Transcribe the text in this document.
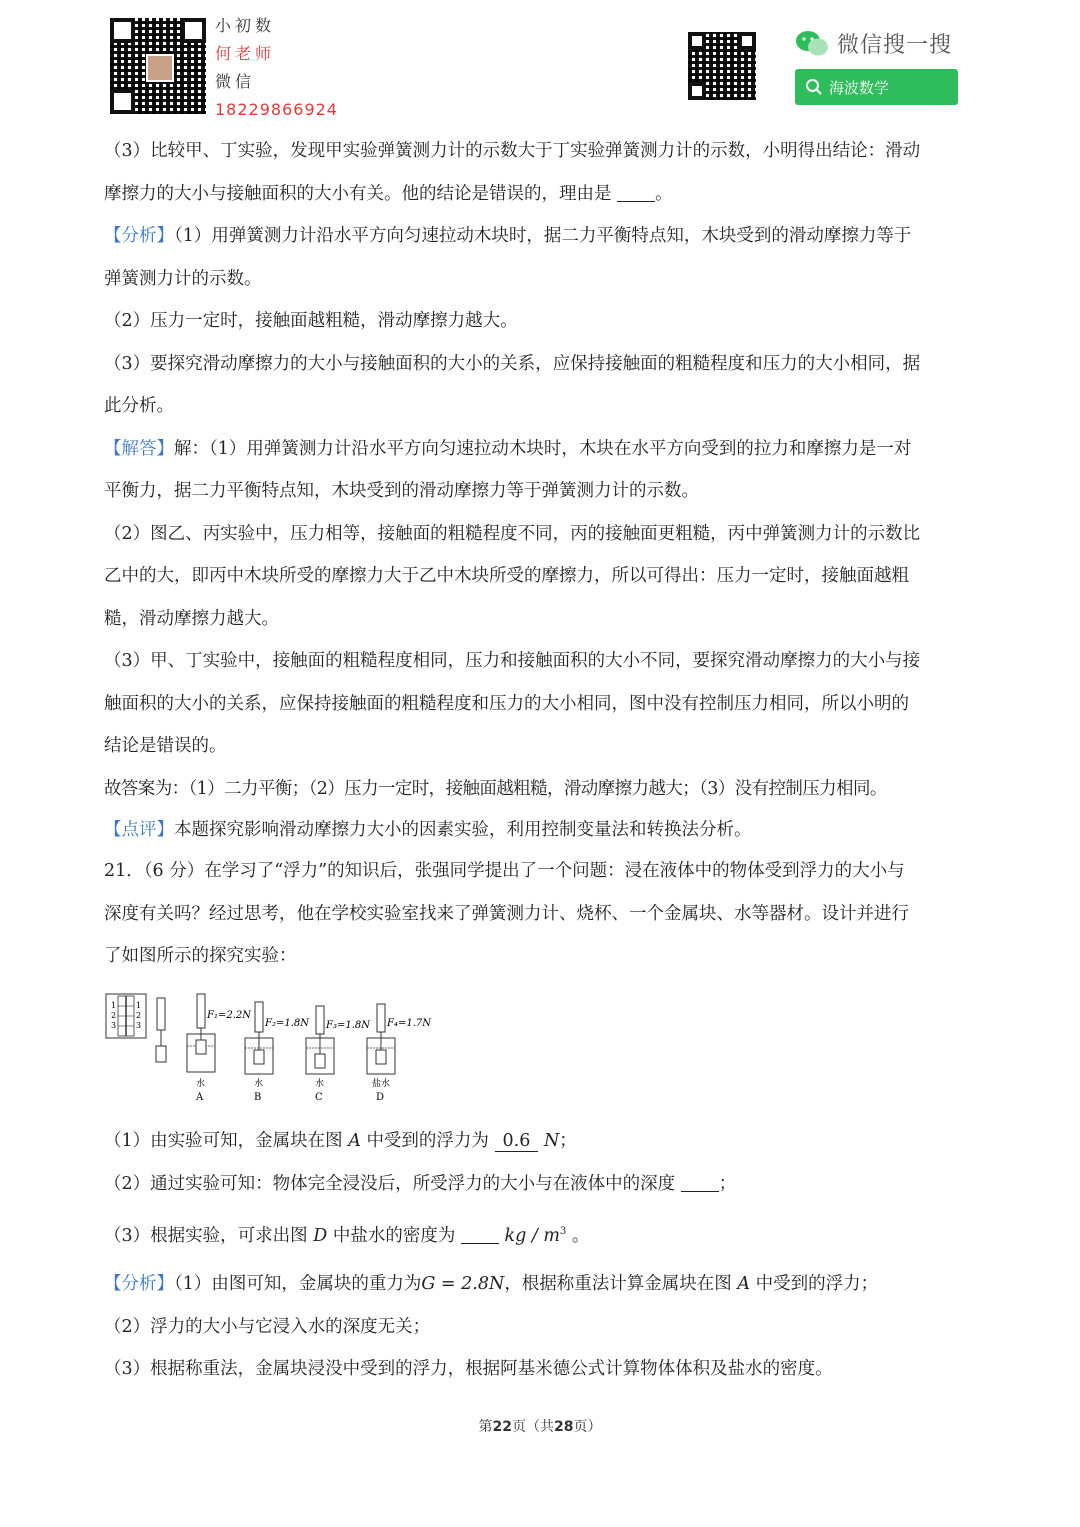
小初数
何老师
微信
18229866924
微信搜一搜
海波数学

（3）比较甲、丁实验，发现甲实验弹簧测力计的示数大于丁实验弹簧测力计的示数，小明得出结论：滑动

摩擦力的大小与接触面积的大小有关。他的结论是错误的，理由是 。

【分析】（1）用弹簧测力计沿水平方向匀速拉动木块时，据二力平衡特点知，木块受到的滑动摩擦力等于

弹簧测力计的示数。

（2）压力一定时，接触面越粗糙，滑动摩擦力越大。

（3）要探究滑动摩擦力的大小与接触面积的大小的关系，应保持接触面的粗糙程度和压力的大小相同，据

此分析。

【解答】解：（1）用弹簧测力计沿水平方向匀速拉动木块时，木块在水平方向受到的拉力和摩擦力是一对

平衡力，据二力平衡特点知，木块受到的滑动摩擦力等于弹簧测力计的示数。

（2）图乙、丙实验中，压力相等，接触面的粗糙程度不同，丙的接触面更粗糙，丙中弹簧测力计的示数比

乙中的大，即丙中木块所受的摩擦力大于乙中木块所受的摩擦力，所以可得出：压力一定时，接触面越粗

糙，滑动摩擦力越大。

（3）甲、丁实验中，接触面的粗糙程度相同，压力和接触面积的大小不同，要探究滑动摩擦力的大小与接

触面积的大小的关系，应保持接触面的粗糙程度和压力的大小相同，图中没有控制压力相同，所以小明的

结论是错误的。

故答案为：（1）二力平衡；（2）压力一定时，接触面越粗糙，滑动摩擦力越大；（3）没有控制压力相同。

【点评】本题探究影响滑动摩擦力大小的因素实验，利用控制变量法和转换法分析。

21．（6 分）在学习了“浮力”的知识后，张强同学提出了一个问题：浸在液体中的物体受到浮力的大小与

深度有关吗？经过思考，他在学校实验室找来了弹簧测力计、烧杯、一个金属块、水等器材。设计并进行

了如图所示的探究实验：

1
2
3
1
2
3
F₁=2.2N
水
A
F₂=1.8N
水
B
F₃=1.8N
水
C
F₄=1.7N
盐水
D

（1）由实验可知，金属块在图 A 中受到的浮力为 0.6 N；

（2）通过实验可知：物体完全浸没后，所受浮力的大小与在液体中的深度 ；

（3）根据实验，可求出图 D 中盐水的密度为	kg / $m^3$ 。

【分析】（1）由图可知，金属块的重力为G = 2.8N，根据称重法计算金属块在图 A 中受到的浮力；

（2）浮力的大小与它浸入水的深度无关；

（3）根据称重法，金属块浸没中受到的浮力，根据阿基米德公式计算物体体积及盐水的密度。

第22页（共28页）
